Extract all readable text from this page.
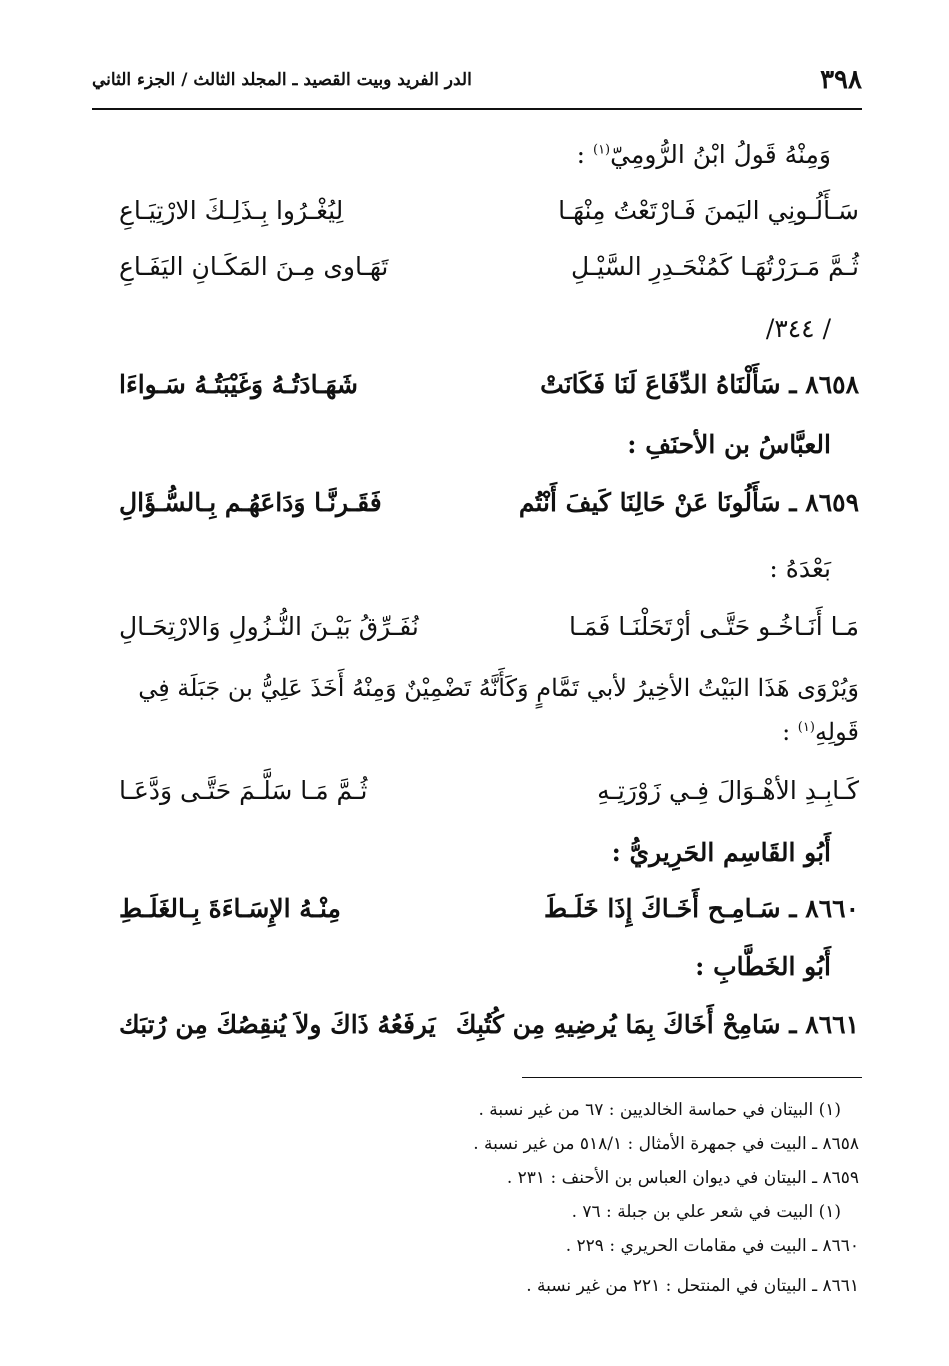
٣٩٨
الدر الفريد وبيت القصيد ـ المجلد الثالث / الجزء الثاني
وَمِنْهُ قَولُ ابْنُ الرُّومِيّ$^{(١)}$ :
سَـأَلُـونِي اليَمنَ فَـارْتَعْتُ مِنْهَـا
لِيُغْـرُوا بِـذَلِـكَ الارْتِيَـاعِ
ثُـمَّ مَـرَرْتُهَـا كَمُنْحَـدِرِ السَّيْـلِ
تَهَـاوى مِـنَ المَكَـانِ اليَفَـاعِ
/ ٣٤٤/
٨٦٥٨ ـ سَأَلْنَاهُ الدِّفَاعَ لَنَا فَكَانَتْ
شَهَـادَتُـهُ وَغَيْبَتُـهُ سَـواءَا
العبَّاسُ بن الأحنَفِ :
٨٦٥٩ ـ سَأَلُونَا عَنْ حَالِنَا كَيفَ أَنْتُم
فَقَـرنَّـا وَدَاعَهُـم بِـالسُّـؤَالِ
بَعْدَهُ :
مَـا أَنَـاخُـو حَتَّـى أرْتَحَلْنَـا فَمَـا
نُفَـرِّقُ بَيْـنَ النُّـزُولِ وَالارْتِحَـالِ
وَيُرْوَى هَذَا البَيْتُ الأخِيرُ لأبي تَمَّامٍ وَكَأَنَّهُ تَضْمِيْنٌ وَمِنْهُ أَخَذَ عَلِيُّ بن جَبَلَة فِي قَولِهِ$^{(١)}$ :
كَـابِـدِ الأهْـوَالَ فِـي زَوْرَتِـهِ
ثُـمَّ مَـا سَلَّـمَ حَتَّـى وَدَّعَـا
أَبُو القَاسِم الحَرِيريُّ :
٨٦٦٠ ـ سَـامِـح أَخَـاكَ إِذَا خَلَـطَ
مِنْـهُ الإِسَـاءَةَ بِـالغَلَـطِ
أَبُو الخَطَّابِ :
٨٦٦١ ـ سَامِحْ أَخَاكَ بِمَا يُرضِيهِ مِن كُتُبِكَ
يَرفَعُهُ ذَاكَ ولاَ يُنقِصُكَ مِن رُتبَك
(١) البيتان في حماسة الخالديين : ٦٧ من غير نسبة .
٨٦٥٨ ـ البيت في جمهرة الأمثال : ٥١٨/١ من غير نسبة .
٨٦٥٩ ـ البيتان في ديوان العباس بن الأحنف : ٢٣١ .
(١) البيت في شعر علي بن جبلة : ٧٦ .
٨٦٦٠ ـ البيت في مقامات الحريري : ٢٢٩ .
٨٦٦١ ـ البيتان في المنتحل : ٢٢١ من غير نسبة .
